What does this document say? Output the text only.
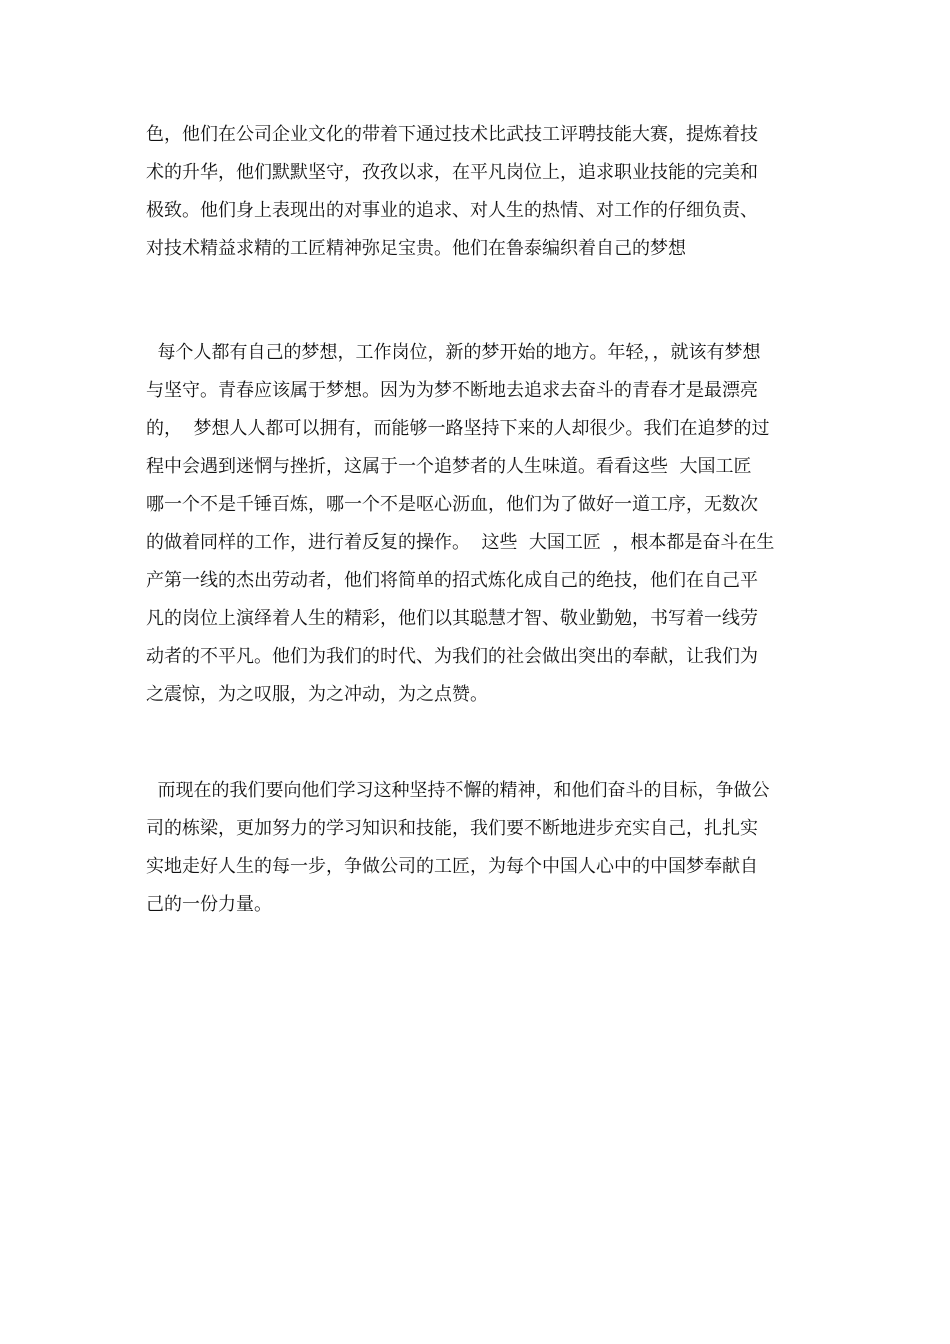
色，他们在公司企业文化的带着下通过技术比武技工评聘技能大赛，提炼着技

术的升华，他们默默坚守，孜孜以求，在平凡岗位上，追求职业技能的完美和

极致。他们身上表现出的对事业的追求、对人生的热情、对工作的仔细负责、

对技术精益求精的工匠精神弥足宝贵。他们在鲁泰编织着自己的梦想

每个人都有自己的梦想，工作岗位，新的梦开始的地方。年轻，，就该有梦想

与坚守。青春应该属于梦想。因为为梦不断地去追求去奋斗的青春才是最漂亮

的，  梦想人人都可以拥有，而能够一路坚持下来的人却很少。我们在追梦的过

程中会遇到迷惘与挫折，这属于一个追梦者的人生味道。看看这些  大国工匠

哪一个不是千锤百炼，哪一个不是呕心沥血，他们为了做好一道工序，无数次

的做着同样的工作，进行着反复的操作。  这些  大国工匠  ，根本都是奋斗在生

产第一线的杰出劳动者，他们将简单的招式炼化成自己的绝技，他们在自己平

凡的岗位上演绎着人生的精彩，他们以其聪慧才智、敬业勤勉，书写着一线劳

动者的不平凡。他们为我们的时代、为我们的社会做出突出的奉献，让我们为

之震惊，为之叹服，为之冲动，为之点赞。

而现在的我们要向他们学习这种坚持不懈的精神，和他们奋斗的目标，争做公

司的栋梁，更加努力的学习知识和技能，我们要不断地进步充实自己，扎扎实

实地走好人生的每一步，争做公司的工匠，为每个中国人心中的中国梦奉献自

己的一份力量。
